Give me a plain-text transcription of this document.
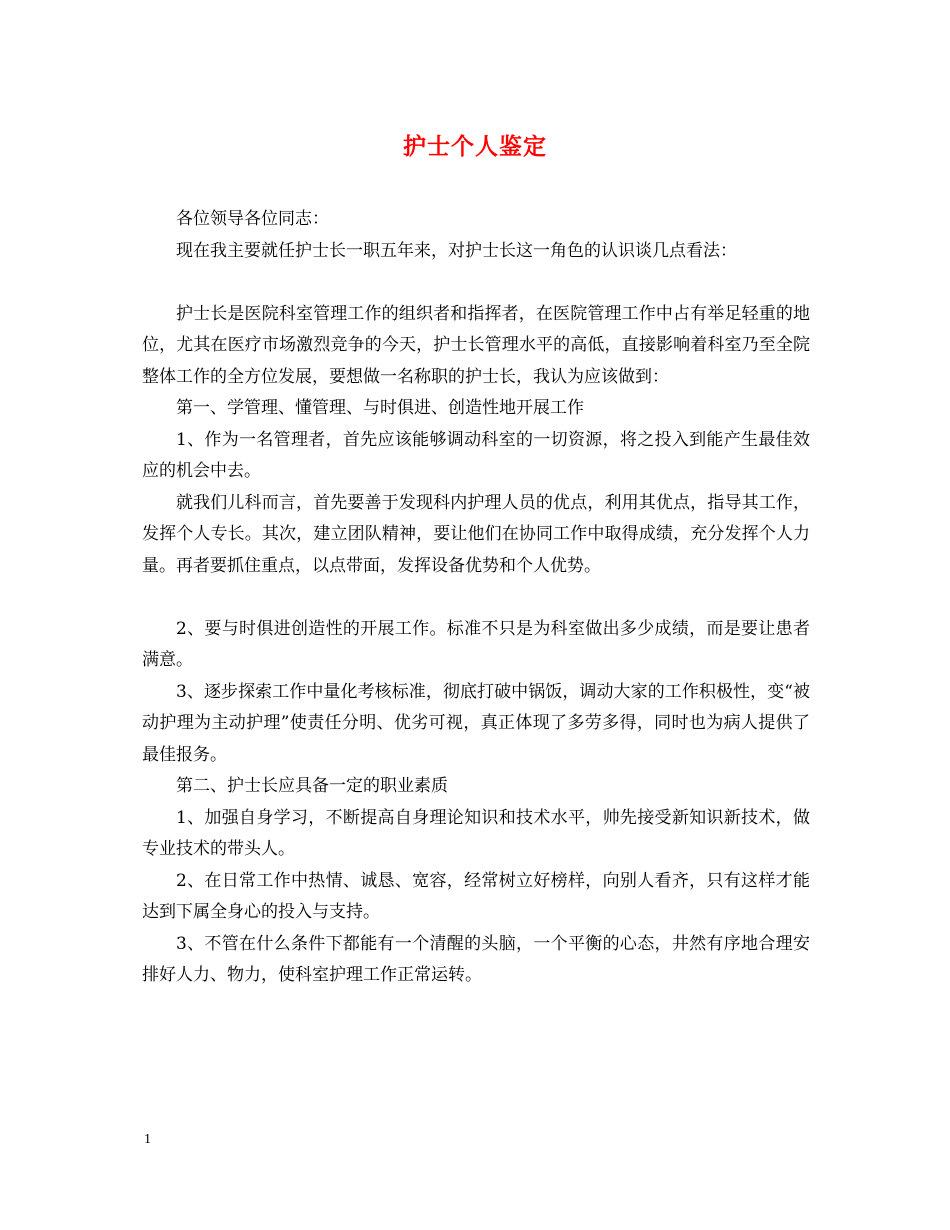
护士个人鉴定

各位领导各位同志：

现在我主要就任护士长一职五年来，对护士长这一角色的认识谈几点看法：

护士长是医院科室管理工作的组织者和指挥者，在医院管理工作中占有举足轻重的地位，尤其在医疗市场激烈竞争的今天，护士长管理水平的高低，直接影响着科室乃至全院整体工作的全方位发展，要想做一名称职的护士长，我认为应该做到：

第一、学管理、懂管理、与时俱进、创造性地开展工作

1、作为一名管理者，首先应该能够调动科室的一切资源，将之投入到能产生最佳效应的机会中去。

就我们儿科而言，首先要善于发现科内护理人员的优点，利用其优点，指导其工作，发挥个人专长。其次，建立团队精神，要让他们在协同工作中取得成绩，充分发挥个人力量。再者要抓住重点，以点带面，发挥设备优势和个人优势。

2、要与时俱进创造性的开展工作。标准不只是为科室做出多少成绩，而是要让患者满意。

3、逐步探索工作中量化考核标准，彻底打破中锅饭，调动大家的工作积极性，变“被动护理为主动护理”使责任分明、优劣可视，真正体现了多劳多得，同时也为病人提供了最佳报务。

第二、护士长应具备一定的职业素质

1、加强自身学习，不断提高自身理论知识和技术水平，帅先接受新知识新技术，做专业技术的带头人。

2、在日常工作中热情、诚恳、宽容，经常树立好榜样，向别人看齐，只有这样才能达到下属全身心的投入与支持。

3、不管在什么条件下都能有一个清醒的头脑，一个平衡的心态，井然有序地合理安排好人力、物力，使科室护理工作正常运转。

1
